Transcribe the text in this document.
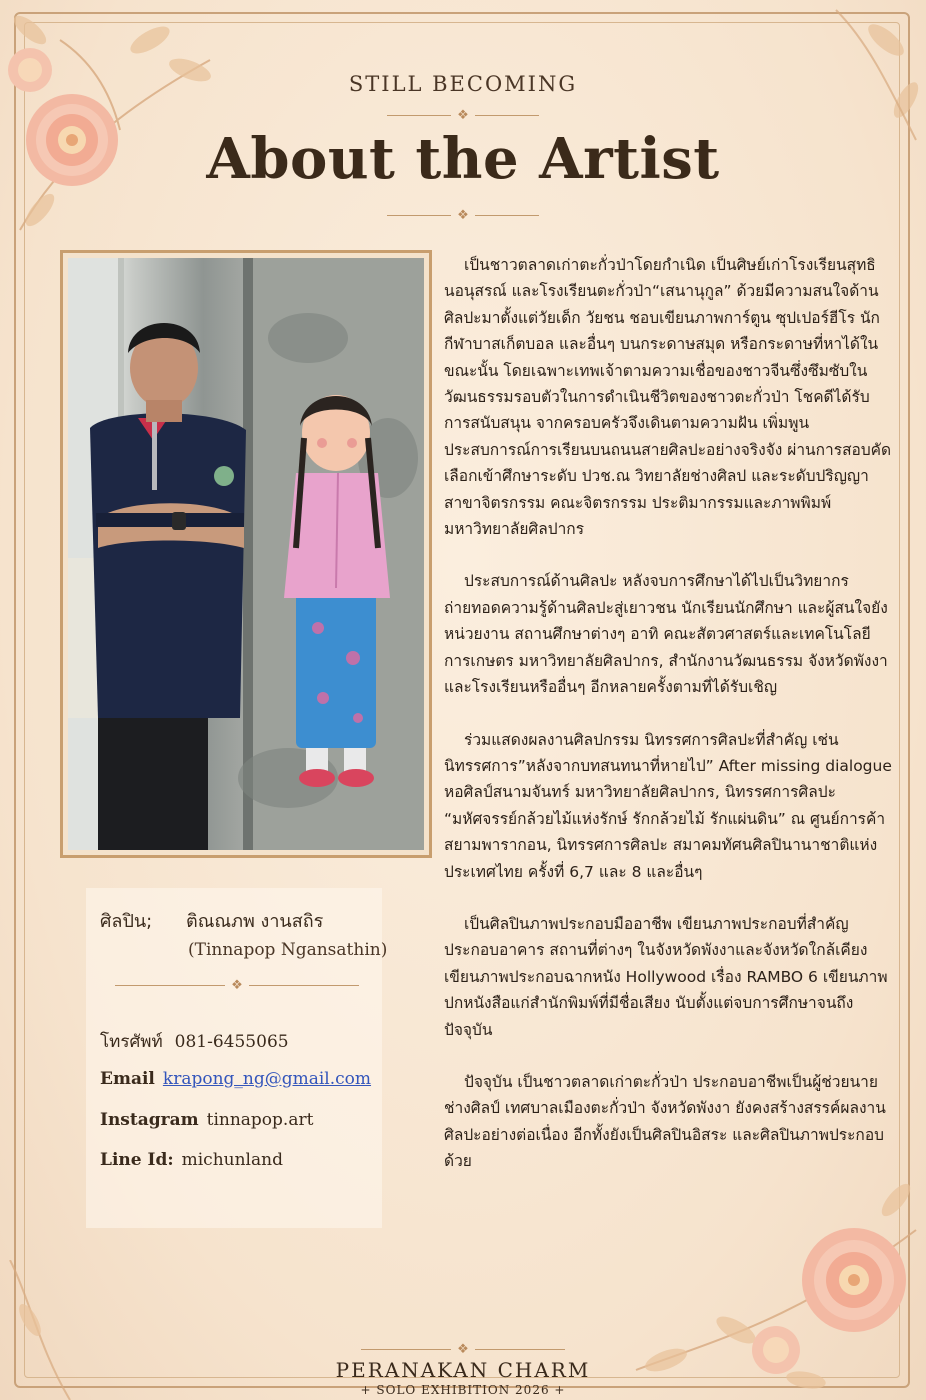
STILL BECOMING
❖
About the Artist
❖
ศิลปิน; ติณณภพ งานสถิร
(Tinnapop Ngansathin)
❖
โทรศัพท์ 081-6455065
Email krapong_ng@gmail.com
Instagram tinnapop.art
Line Id: michunland

เป็นชาวตลาดเก่าตะกั่วป่าโดยกำเนิด เป็นศิษย์เก่าโรงเรียนสุทธินอนุสรณ์ และโรงเรียนตะกั่วป่า“เสนานุกูล” ด้วยมีความสนใจด้านศิลปะมาตั้งแต่วัยเด็ก วัยชน ชอบเขียนภาพการ์ตูน ซุปเปอร์ฮีโร นักกีฬาบาสเก็ตบอล และอื่นๆ บนกระดาษสมุด หรือกระดาษที่หาได้ในขณะนั้น โดยเฉพาะเทพเจ้าตามความเชื่อของชาวจีนซึ่งซึมซับในวัฒนธรรมรอบตัวในการดำเนินชีวิตของชาวตะกั่วป่า โชคดีได้รับการสนับสนุน จากครอบครัวจึงเดินตามความฝัน เพิ่มพูนประสบการณ์การเรียนบนถนนสายศิลปะอย่างจริงจัง ผ่านการสอบคัดเลือกเข้าศึกษาระดับ ปวช.ณ วิทยาลัยช่างศิลป และระดับปริญญา สาขาจิตรกรรม คณะจิตรกรรม ประติมากรรมและภาพพิมพ์ มหาวิทยาลัยศิลปากร

ประสบการณ์ด้านศิลปะ หลังจบการศึกษาได้ไปเป็นวิทยากรถ่ายทอดความรู้ด้านศิลปะสู่เยาวชน นักเรียนนักศึกษา และผู้สนใจยังหน่วยงาน สถานศึกษาต่างๆ อาทิ คณะสัตวศาสตร์และเทคโนโลยีการเกษตร มหาวิทยาลัยศิลปากร, สำนักงานวัฒนธรรม จังหวัดพังงา และโรงเรียนหรืออื่นๆ อีกหลายครั้งตามที่ได้รับเชิญ

ร่วมแสดงผลงานศิลปกรรม นิทรรศการศิลปะที่สำคัญ เช่น นิทรรศการ”หลังจากบทสนทนาที่หายไป” After missing dialogue หอศิลป์สนามจันทร์ มหาวิทยาลัยศิลปากร, นิทรรศการศิลปะ “มหัศจรรย์กล้วยไม้แห่งรักษ์ รักกล้วยไม้ รักแผ่นดิน” ณ ศูนย์การค้าสยามพารากอน, นิทรรศการศิลปะ สมาคมทัศนศิลปินานาชาติแห่งประเทศไทย ครั้งที่ 6,7 และ 8 และอื่นๆ

เป็นศิลปินภาพประกอบมืออาชีพ เขียนภาพประกอบที่สำคัญประกอบอาคาร สถานที่ต่างๆ ในจังหวัดพังงาและจังหวัดใกล้เคียง เขียนภาพประกอบฉากหนัง Hollywood เรื่อง RAMBO 6 เขียนภาพปกหนังสือแก่สำนักพิมพ์ที่มีชื่อเสียง นับตั้งแต่จบการศึกษาจนถึงปัจจุบัน

ปัจจุบัน เป็นชาวตลาดเก่าตะกั่วป่า ประกอบอาชีพเป็นผู้ช่วยนายช่างศิลป์ เทศบาลเมืองตะกั่วป่า จังหวัดพังงา ยังคงสร้างสรรค์ผลงานศิลปะอย่างต่อเนื่อง อีกทั้งยังเป็นศิลปินอิสระ และศิลปินภาพประกอบด้วย

❖
PERANAKAN CHARM
+ SOLO EXHIBITION 2026 +
